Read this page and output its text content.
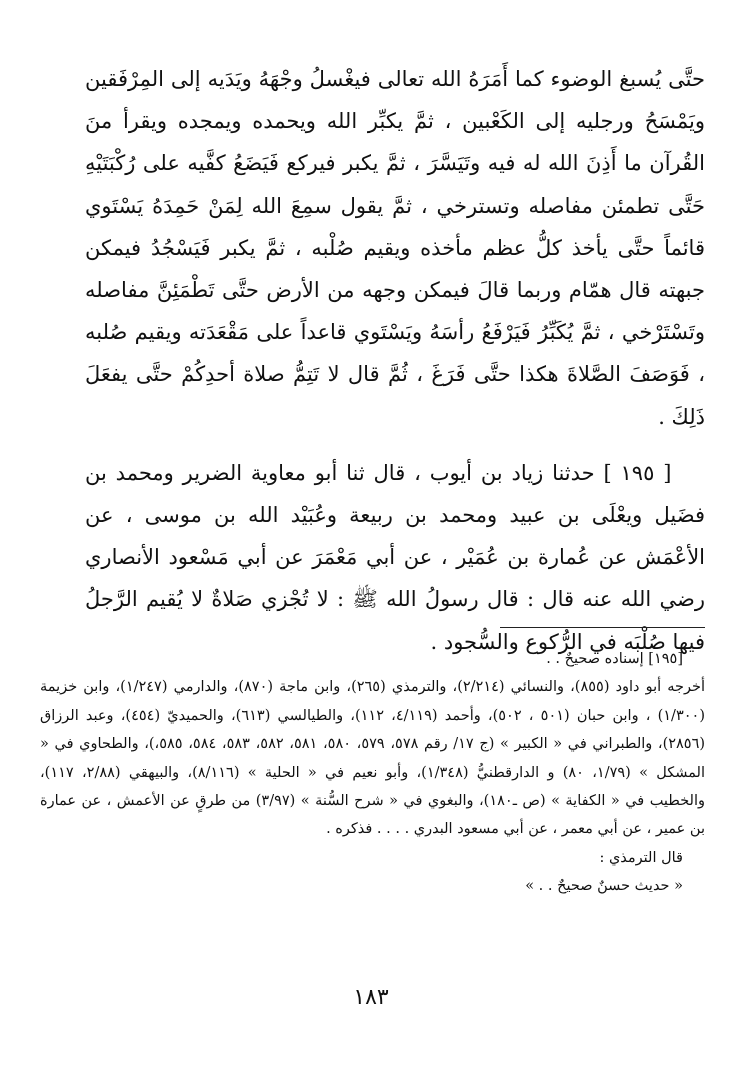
حتَّى يُسبغ الوضوء كما أَمَرَهُ الله تعالى فيغْسلُ وجْهَهُ ويَدَيه إلى المِرْفَقين ويَمْسَحُ ورجليه إلى الكَعْبين ، ثمَّ يكبِّر الله ويحمده ويمجده ويقرأ منَ القُرآن ما أَذِنَ الله له فيه وتَيَسَّرَ ، ثمَّ يكبر فيركع فَيَضَعُ كفَّيه على رُكْبَتَيْهِ حَتَّى تطمئن مفاصله وتسترخي ، ثمَّ يقول سمِعَ الله لِمَنْ حَمِدَهُ يَسْتَوي قائماً حتَّى يأخذ كلُّ عظم مأخذه ويقيم صُلْبه ، ثمَّ يكبر فَيَسْجُدُ فيمكن جبهته قال همّام وربما قالَ فيمكن وجهه من الأرض حتَّى تَطْمَئِنَّ مفاصله وتَسْتَرْخي ، ثمَّ يُكَبِّرُ فَيَرْفَعُ رأسَهُ ويَسْتَوي قاعداً على مَقْعَدَته ويقيم صُلبه ، فَوَصَفَ الصَّلاةَ هكذا حتَّى فَرَغَ ، ثُمَّ قال لا تَتِمُّ صلاة أحدِكُمْ حتَّى يفعَلَ ذَلِكَ .

[ ١٩٥ ] حدثنا زياد بن أيوب ، قال ثنا أبو معاوية الضرير ومحمد بن فضَيل ويعْلَى بن عبيد ومحمد بن ربيعة وعُبَيْد الله بن موسى ، عن الأعْمَش عن عُمارة بن عُمَيْر ، عن أبي مَعْمَرَ عن أبي مَسْعود الأنصاري رضي الله عنه قال : قال رسولُ الله ﷺ : لا تُجْزي صَلاةٌ لا يُقيم الرَّجلُ فيها صُلْبَه في الرُّكوع والسُّجود .

[١٩٥] إسناده صحيحٌ . .

أخرجه أبو داود (٨٥٥)، والنسائي (٢/٢١٤)، والترمذي (٢٦٥)، وابن ماجة (٨٧٠)، والدارمي (١/٢٤٧)، وابن خزيمة (١/٣٠٠) ، وابن حبان (٥٠١ ، ٥٠٢)، وأحمد (٤/١١٩، ١١٢)، والطيالسي (٦١٣)، والحميديّ (٤٥٤)، وعبد الرزاق (٢٨٥٦)، والطبراني في « الكبير » (ج ١٧/ رقم ٥٧٨، ٥٧٩، ٥٨٠، ٥٨١، ٥٨٢، ٥٨٣، ٥٨٤، ٥٨٥،)، والطحاوي في « المشكل » (١/٧٩، ٨٠) و الدارقطنيُّ (١/٣٤٨)، وأبو نعيم في « الحلية » (٨/١١٦)، والبيهقي (٢/٨٨، ١١٧)، والخطيب في « الكفاية » (ص ـ١٨٠)، والبغوي في « شرح السُّنة » (٣/٩٧) من طرقٍ عن الأعمش ، عن عمارة بن عمير ، عن أبي معمر ، عن أبي مسعود البدري . . . . فذكره .

قال الترمذي :

« حديث حسنٌ صحيحٌ . . »

١٨٣
